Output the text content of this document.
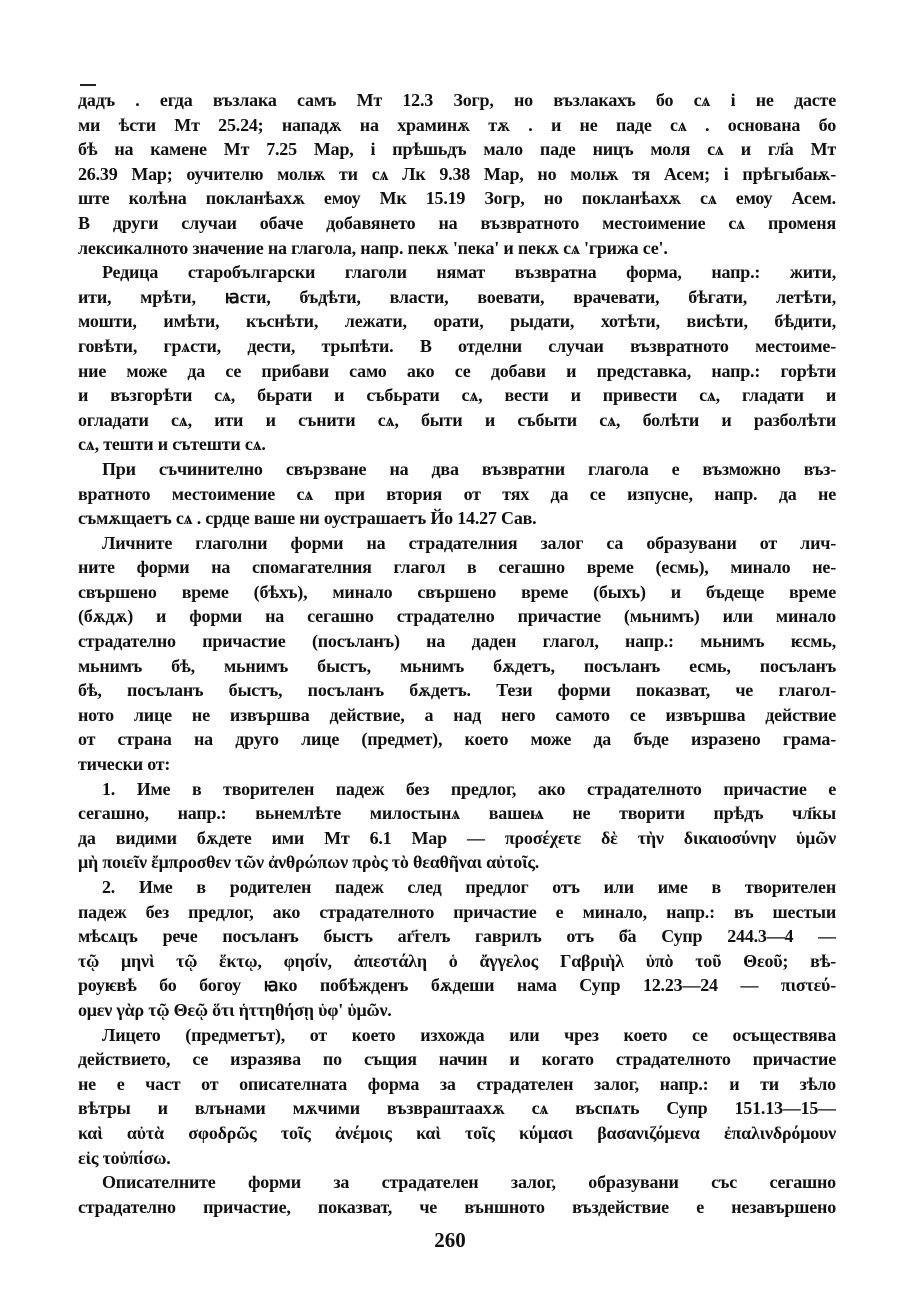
дадъ . егда възлака самъ Мт 12.3 Зогр, но възлакахъ бо сѧ і не дасте
ми ѣсти Мт 25.24; нападѫ на храминѫ тѫ . и не паде сѧ . основана бо
бѣ на камене Мт 7.25 Мар, і прѣшьдъ мало паде ницъ моля сѧ и гл҃а Мт
26.39 Мар; оучителю молѭ ти сѧ Лк 9.38 Мар, но молѭ тя Асем; і прѣгыбаѭ-
ште колѣна покланѣахѫ емоу Мк 15.19 Зогр, но покланѣахѫ сѧ емоу Асем.
В други случаи обаче добавянето на възвратното местоимение сѧ променя
лексикалното значение на глагола, напр. пекѫ 'пека' и пекѫ сѧ 'грижа се'.
Редица старобългарски глаголи нямат възвратна форма, напр.: жити,
ити, мрѣти, ꙗсти, бъдѣти, власти, воевати, врачевати, бѣгати, летѣти,
мошти, имѣти, къснѣти, лежати, орати, рыдати, хотѣти, висѣти, бѣдити,
говѣти, грѧсти, дести, трьпѣти. В отделни случаи възвратното местоиме-
ние може да се прибави само ако се добави и представка, напр.: горѣти
и възгорѣти сѧ, бьрати и събьрати сѧ, вести и привести сѧ, гладати и
огладати сѧ, ити и сънити сѧ, быти и събыти сѧ, болѣти и разболѣти
сѧ, тешти и сътешти сѧ.
При съчинително свързване на два възвратни глагола е възможно въз-
вратното местоимение сѧ при втория от тях да се изпусне, напр. да не
съмѫщаетъ сѧ . срдце ваше ни оустрашаетъ Йо 14.27 Сав.
Личните глаголни форми на страдателния залог са образувани от лич-
ните форми на спомагателния глагол в сегашно време (есмь), минало не-
свършено време (бѣхъ), минало свършено време (быхъ) и бъдеще време
(бѫдѫ) и форми на сегашно страдателно причастие (мьнимъ) или минало
страдателно причастие (посъланъ) на даден глагол, напр.: мьнимъ ѥсмь,
мьнимъ бѣ, мьнимъ быстъ, мьнимъ бѫдетъ, посъланъ есмь, посъланъ
бѣ, посъланъ быстъ, посъланъ бѫдетъ. Тези форми показват, че глагол-
ното лице не извършва действие, а над него самото се извършва действие
от страна на друго лице (предмет), което може да бъде изразено грама-
тически от:
1. Име в творителен падеж без предлог, ако страдателното причастие е
сегашно, напр.: вьнемлѣте милостынѧ вашеѩ не творити прѣдъ чл҃кы
да видими бѫдете ими Мт 6.1 Мар — προσέχετε δὲ τὴν δικαιοσύνην ὑμῶν
μὴ ποιεῖν ἔμπροσθεν τῶν ἀνθρώπων πρὸς τὸ θεαθῆναι αὐτοῖς.
2. Име в родителен падеж след предлог отъ или име в творителен
падеж без предлог, ако страдателното причастие е минало, напр.: въ шестыи
мѣсѧцъ рече посъланъ быстъ аг҃гелъ гаврилъ отъ б҃а Супр 244.3—4 —
τῷ μηνὶ τῷ ἕκτῳ, φησίν, ἀπεστάλη ὁ ἄγγελος Γαβριὴλ ὑπὸ τοῦ Θεοῦ; вѣ-
роуѥвѣ бо богоу ꙗко побѣжденъ бѫдеши нама Супр 12.23—24 — πιστεύ-
ομεν γὰρ τῷ Θεῷ ὅτι ἡττηθήσῃ ὑφ' ὑμῶν.
Лицето (предметът), от което изхожда или чрез което се осъществява
действието, се изразява по същия начин и когато страдателното причастие
не е част от описателната форма за страдателен залог, напр.: и ти зѣло
вѣтры и влънами мѫчими възвраштаахѫ сѧ въспѧть Супр 151.13—15—
καὶ αὐτὰ σφοδρῶς τοῖς ἀνέμοις καὶ τοῖς κύμασι βασανιζόμενα ἐπαλινδρόμουν
εἰς τοὐπίσω.
Описателните форми за страдателен залог, образувани със сегашно
страдателно причастие, показват, че външното въздействие е незавършено
260
